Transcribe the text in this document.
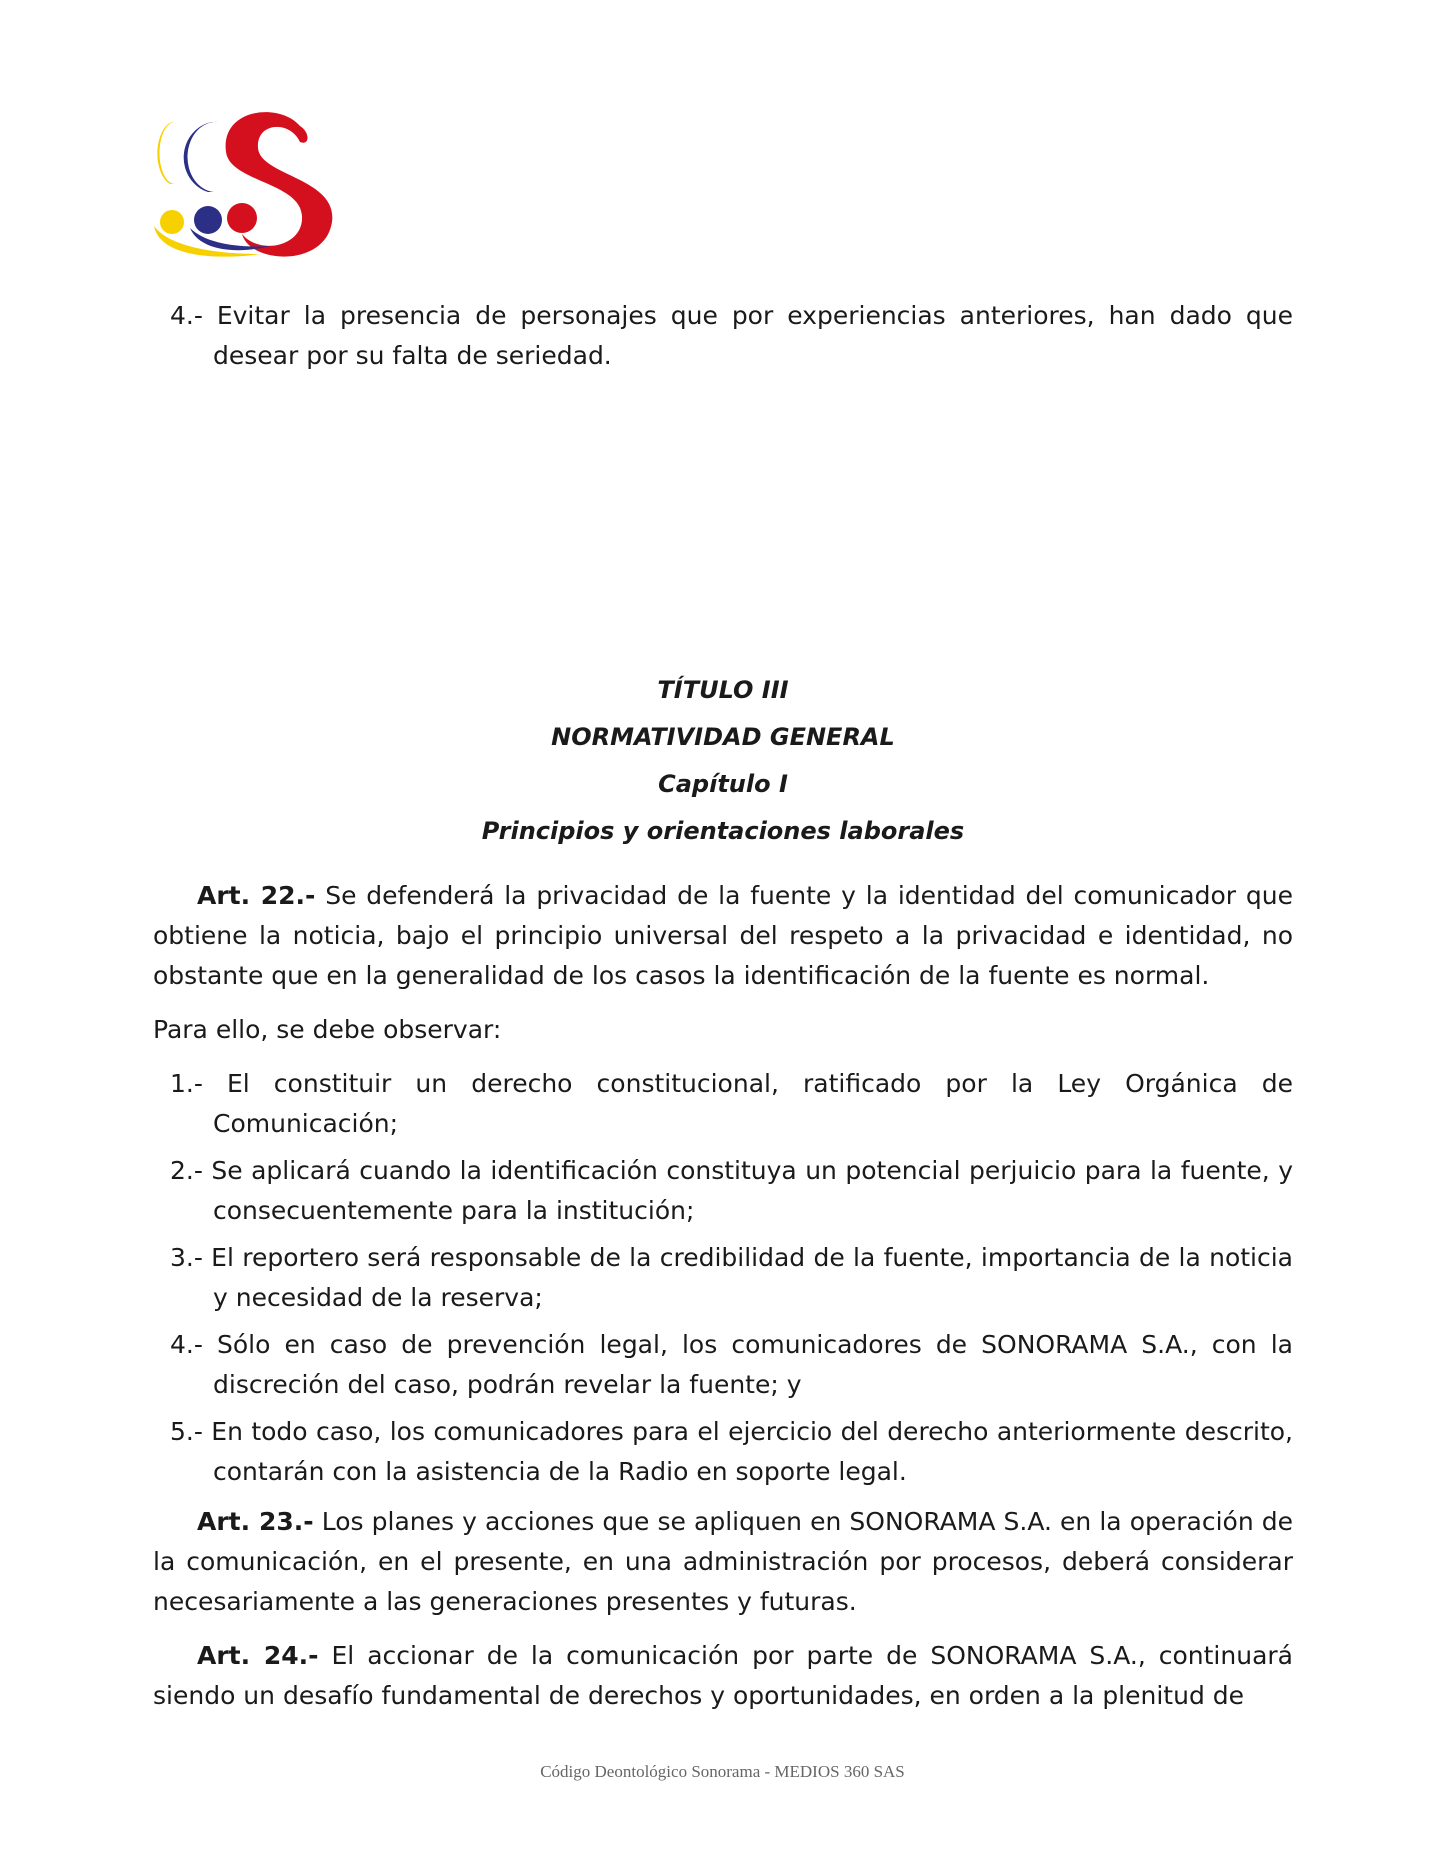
4.- Evitar la presencia de personajes que por experiencias anteriores, han dado que desear por su falta de seriedad.
TÍTULO III
NORMATIVIDAD GENERAL
Capítulo I
Principios y orientaciones laborales
Art. 22.- Se defenderá la privacidad de la fuente y la identidad del comunicador que obtiene la noticia, bajo el principio universal del respeto a la privacidad e identidad, no obstante que en la generalidad de los casos la identificación de la fuente es normal.
Para ello, se debe observar:
1.- El constituir un derecho constitucional, ratificado por la Ley Orgánica de Comunicación;
2.- Se aplicará cuando la identificación constituya un potencial perjuicio para la fuente, y consecuentemente para la institución;
3.- El reportero será responsable de la credibilidad de la fuente, importancia de la noticia y necesidad de la reserva;
4.- Sólo en caso de prevención legal, los comunicadores de SONORAMA S.A., con la discreción del caso, podrán revelar la fuente; y
5.- En todo caso, los comunicadores para el ejercicio del derecho anteriormente descrito, contarán con la asistencia de la Radio en soporte legal.
Art. 23.- Los planes y acciones que se apliquen en SONORAMA S.A. en la operación de la comunicación, en el presente, en una administración por procesos, deberá considerar necesariamente a las generaciones presentes y futuras.
Art. 24.- El accionar de la comunicación por parte de SONORAMA S.A., continuará siendo un desafío fundamental de derechos y oportunidades, en orden a la plenitud de
Código Deontológico Sonorama - MEDIOS 360 SAS
